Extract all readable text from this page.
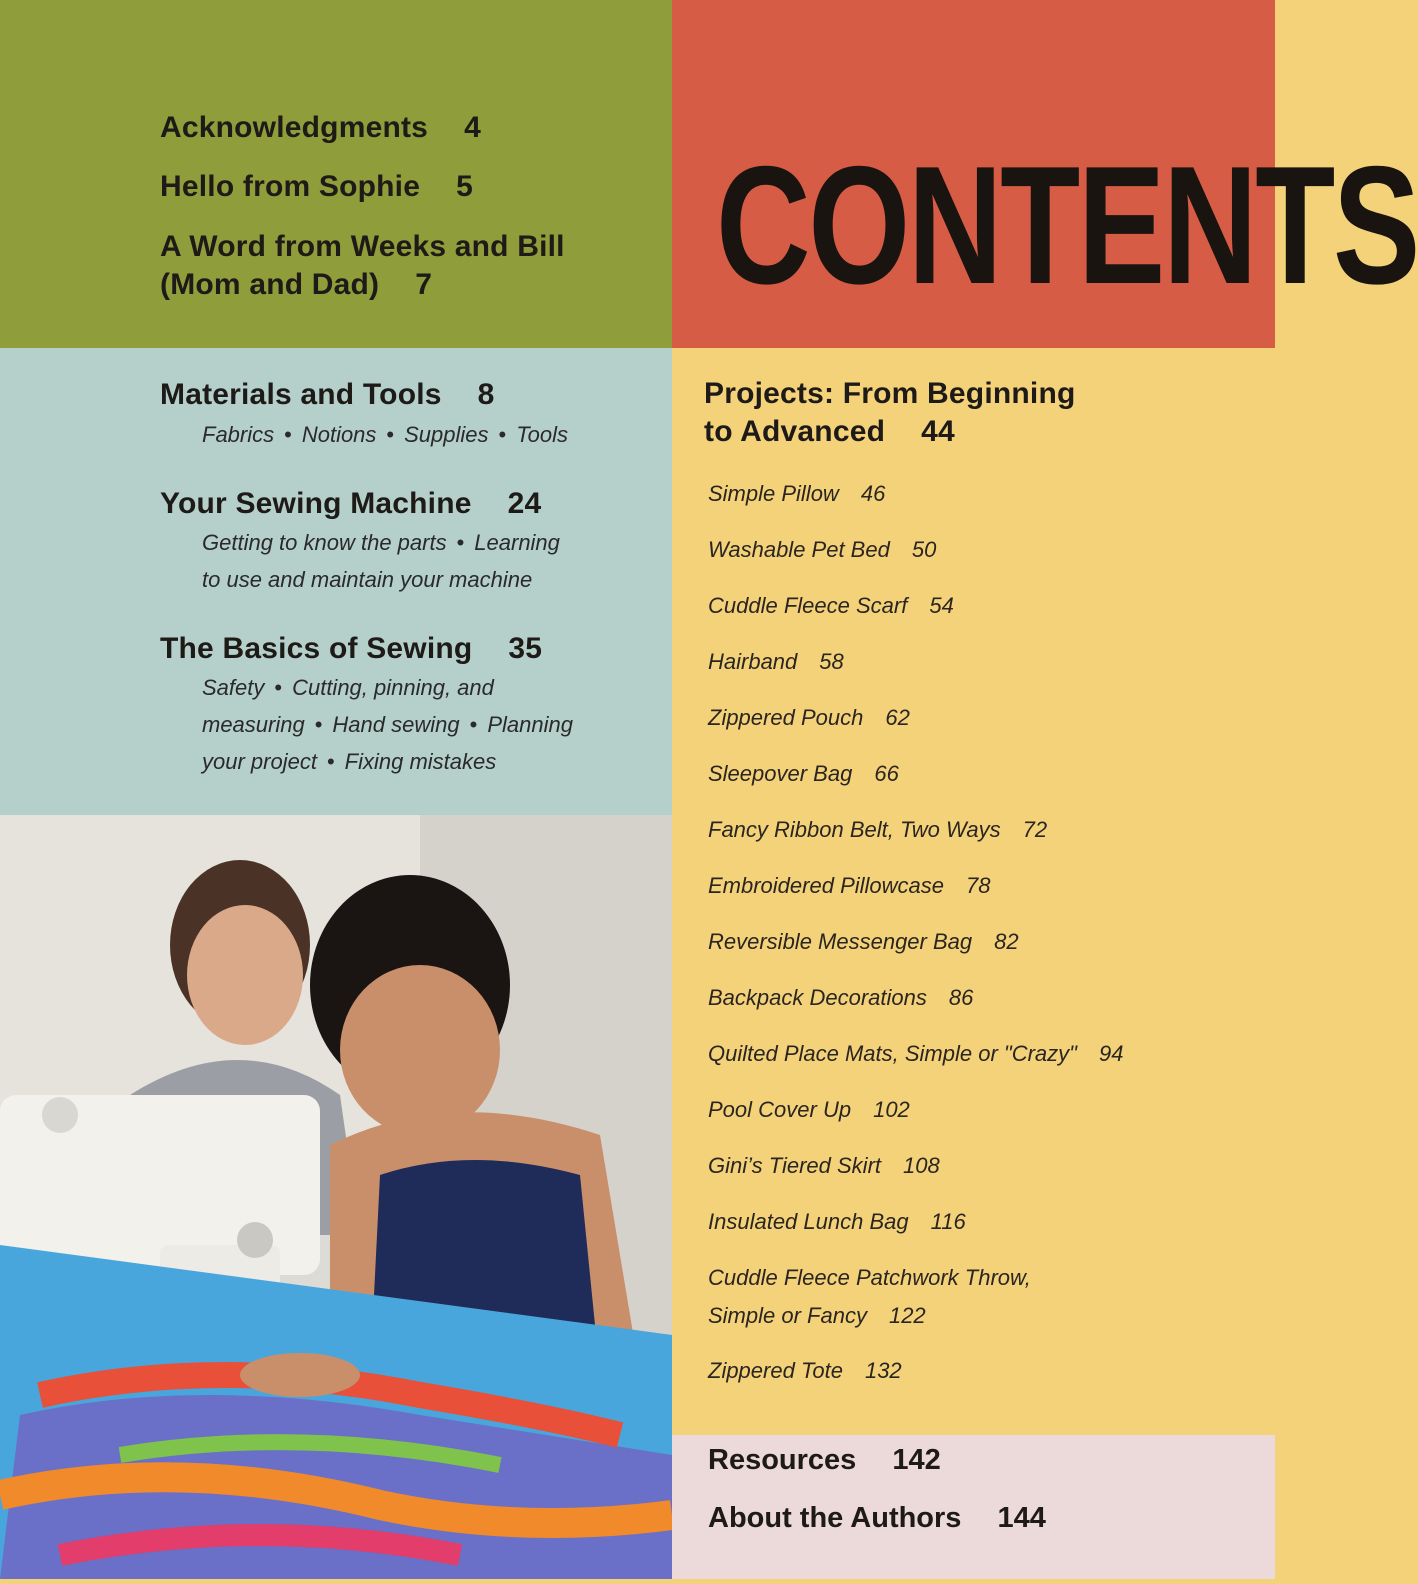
Acknowledgments 4
Hello from Sophie 5
A Word from Weeks and Bill
(Mom and Dad) 7	CONTENTS
Materials and Tools 8
Fabrics • Notions • Supplies • Tools
Your Sewing Machine 24
Getting to know the parts • Learning
to use and maintain your machine
The Basics of Sewing 35
Safety • Cutting, pinning, and
measuring • Hand sewing • Planning
your project • Fixing mistakes
Projects: From Beginning
to Advanced 44
Simple Pillow 46
Washable Pet Bed 50
Cuddle Fleece Scarf 54
Hairband 58
Zippered Pouch 62
Sleepover Bag 66
Fancy Ribbon Belt, Two Ways 72
Embroidered Pillowcase 78
Reversible Messenger Bag 82
Backpack Decorations 86
Quilted Place Mats, Simple or "Crazy" 94
Pool Cover Up 102
Gini’s Tiered Skirt 108
Insulated Lunch Bag 116
Cuddle Fleece Patchwork Throw,
Simple or Fancy 122
Zippered Tote 132
Resources 142
About the Authors 144
